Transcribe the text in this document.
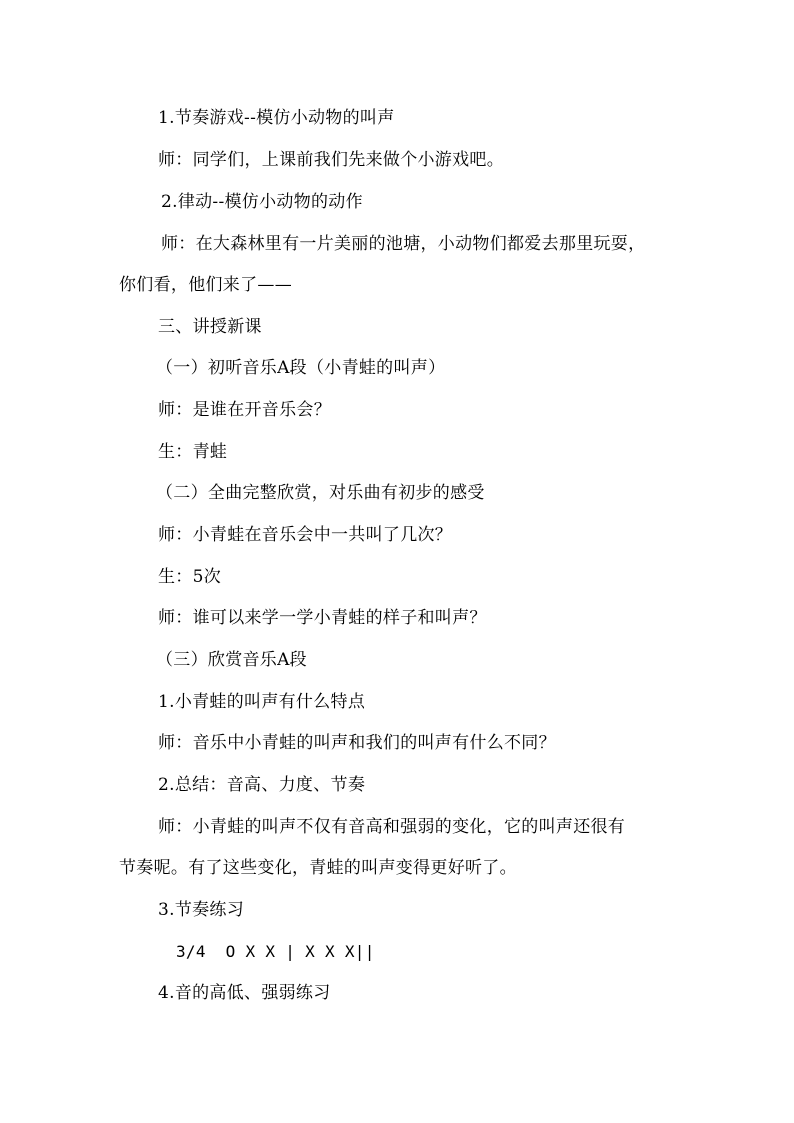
1.节奏游戏--模仿小动物的叫声
师：同学们，上课前我们先来做个小游戏吧。
2.律动--模仿小动物的动作
师：在大森林里有一片美丽的池塘，小动物们都爱去那里玩耍，
你们看，他们来了——
三、讲授新课
（一）初听音乐A段（小青蛙的叫声）
师：是谁在开音乐会？
生：青蛙
（二）全曲完整欣赏，对乐曲有初步的感受
师：小青蛙在音乐会中一共叫了几次？
生：5次
师：谁可以来学一学小青蛙的样子和叫声？
（三）欣赏音乐A段
1.小青蛙的叫声有什么特点
师：音乐中小青蛙的叫声和我们的叫声有什么不同？
2.总结：音高、力度、节奏
师：小青蛙的叫声不仅有音高和强弱的变化，它的叫声还很有
节奏呢。有了这些变化，青蛙的叫声变得更好听了。
3.节奏练习
3/4  O X X | X X X||
4.音的高低、强弱练习
